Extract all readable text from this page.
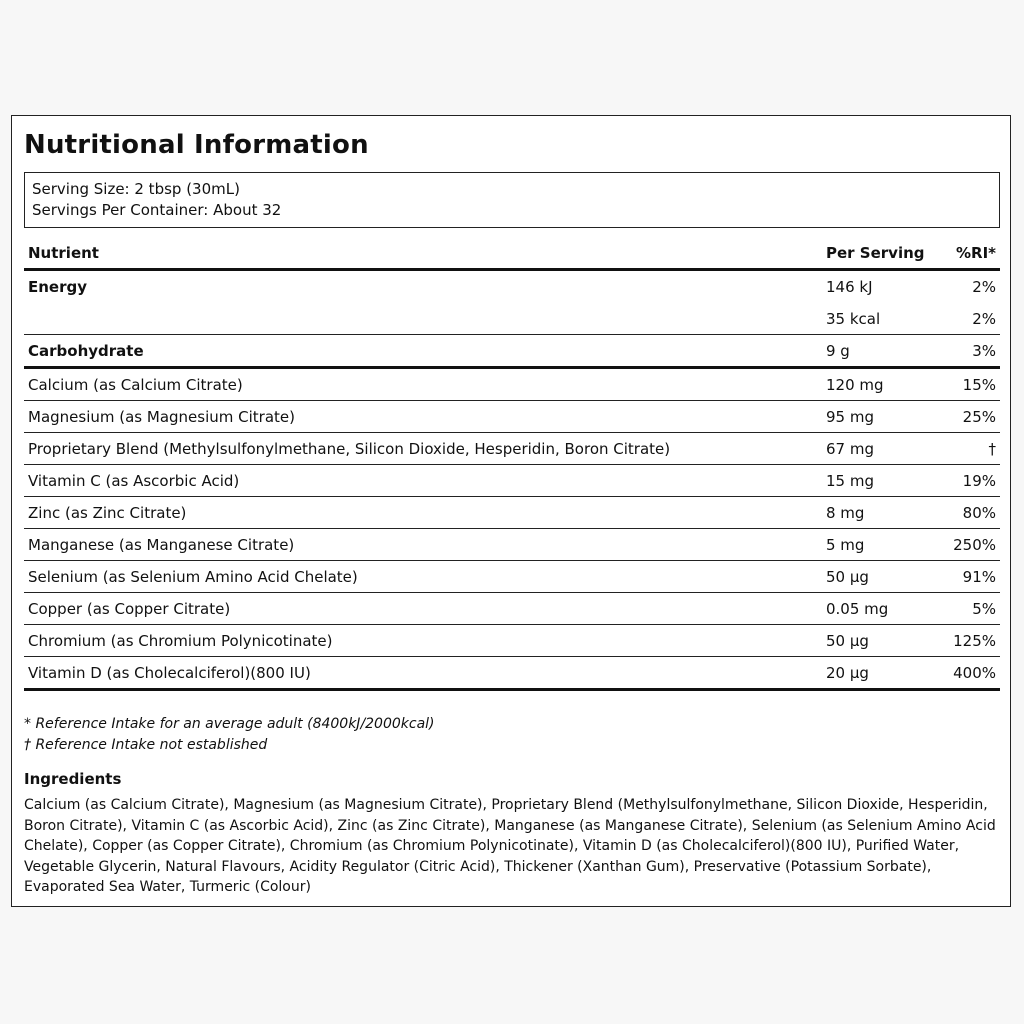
Nutritional Information
Serving Size: 2 tbsp (30mL)
Servings Per Container: About 32
Nutrient	Per Serving	%RI*
Energy	146 kJ	2%
	35 kcal	2%
Carbohydrate	9 g	3%
Calcium (as Calcium Citrate)	120 mg	15%
Magnesium (as Magnesium Citrate)	95 mg	25%
Proprietary Blend (Methylsulfonylmethane, Silicon Dioxide, Hesperidin, Boron Citrate)	67 mg	†
Vitamin C (as Ascorbic Acid)	15 mg	19%
Zinc (as Zinc Citrate)	8 mg	80%
Manganese (as Manganese Citrate)	5 mg	250%
Selenium (as Selenium Amino Acid Chelate)	50 µg	91%
Copper (as Copper Citrate)	0.05 mg	5%
Chromium (as Chromium Polynicotinate)	50 µg	125%
Vitamin D (as Cholecalciferol)(800 IU)	20 µg	400%
* Reference Intake for an average adult (8400kJ/2000kcal)
† Reference Intake not established
Ingredients
Calcium (as Calcium Citrate), Magnesium (as Magnesium Citrate), Proprietary Blend (Methylsulfonylmethane, Silicon Dioxide, Hesperidin, Boron Citrate), Vitamin C (as Ascorbic Acid), Zinc (as Zinc Citrate), Manganese (as Manganese Citrate), Selenium (as Selenium Amino Acid Chelate), Copper (as Copper Citrate), Chromium (as Chromium Polynicotinate), Vitamin D (as Cholecalciferol)(800 IU), Purified Water, Vegetable Glycerin, Natural Flavours, Acidity Regulator (Citric Acid), Thickener (Xanthan Gum), Preservative (Potassium Sorbate), Evaporated Sea Water, Turmeric (Colour)
